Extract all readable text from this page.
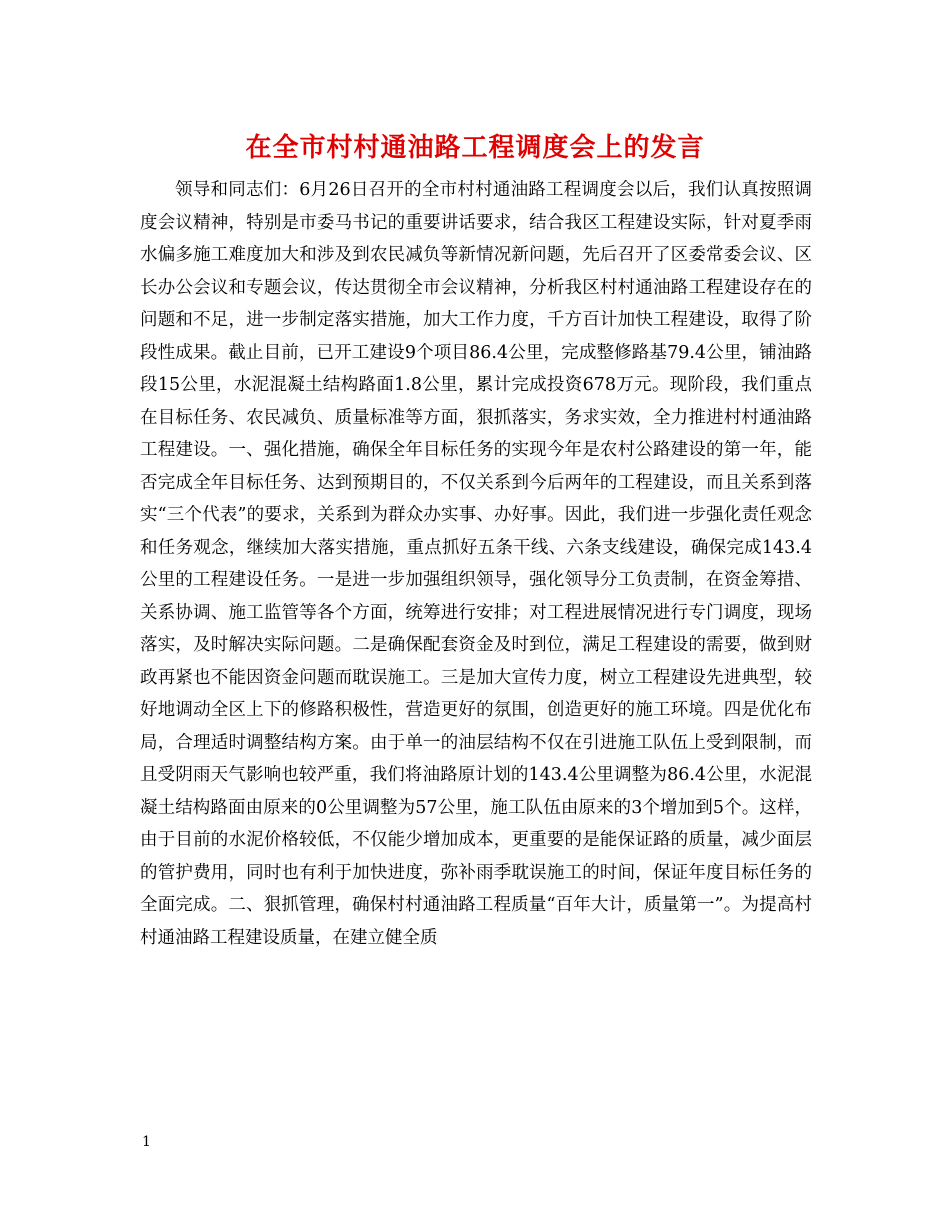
在全市村村通油路工程调度会上的发言

领导和同志们：6月26日召开的全市村村通油路工程调度会以后，我们认真按照调度会议精神，特别是市委马书记的重要讲话要求，结合我区工程建设实际，针对夏季雨水偏多施工难度加大和涉及到农民减负等新情况新问题，先后召开了区委常委会议、区长办公会议和专题会议，传达贯彻全市会议精神，分析我区村村通油路工程建设存在的问题和不足，进一步制定落实措施，加大工作力度，千方百计加快工程建设，取得了阶段性成果。截止目前，已开工建设9个项目86.4公里，完成整修路基79.4公里，铺油路段15公里，水泥混凝土结构路面1.8公里，累计完成投资678万元。现阶段，我们重点在目标任务、农民减负、质量标准等方面，狠抓落实，务求实效，全力推进村村通油路工程建设。一、强化措施，确保全年目标任务的实现今年是农村公路建设的第一年，能否完成全年目标任务、达到预期目的，不仅关系到今后两年的工程建设，而且关系到落实“三个代表”的要求，关系到为群众办实事、办好事。因此，我们进一步强化责任观念和任务观念，继续加大落实措施，重点抓好五条干线、六条支线建设，确保完成143.4公里的工程建设任务。一是进一步加强组织领导，强化领导分工负责制，在资金筹措、关系协调、施工监管等各个方面，统筹进行安排；对工程进展情况进行专门调度，现场落实，及时解决实际问题。二是确保配套资金及时到位，满足工程建设的需要，做到财政再紧也不能因资金问题而耽误施工。三是加大宣传力度，树立工程建设先进典型，较好地调动全区上下的修路积极性，营造更好的氛围，创造更好的施工环境。四是优化布局，合理适时调整结构方案。由于单一的油层结构不仅在引进施工队伍上受到限制，而且受阴雨天气影响也较严重，我们将油路原计划的143.4公里调整为86.4公里，水泥混凝土结构路面由原来的0公里调整为57公里，施工队伍由原来的3个增加到5个。这样，由于目前的水泥价格较低，不仅能少增加成本，更重要的是能保证路的质量，减少面层的管护费用，同时也有利于加快进度，弥补雨季耽误施工的时间，保证年度目标任务的全面完成。二、狠抓管理，确保村村通油路工程质量“百年大计，质量第一”。为提高村村通油路工程建设质量，在建立健全质

1
